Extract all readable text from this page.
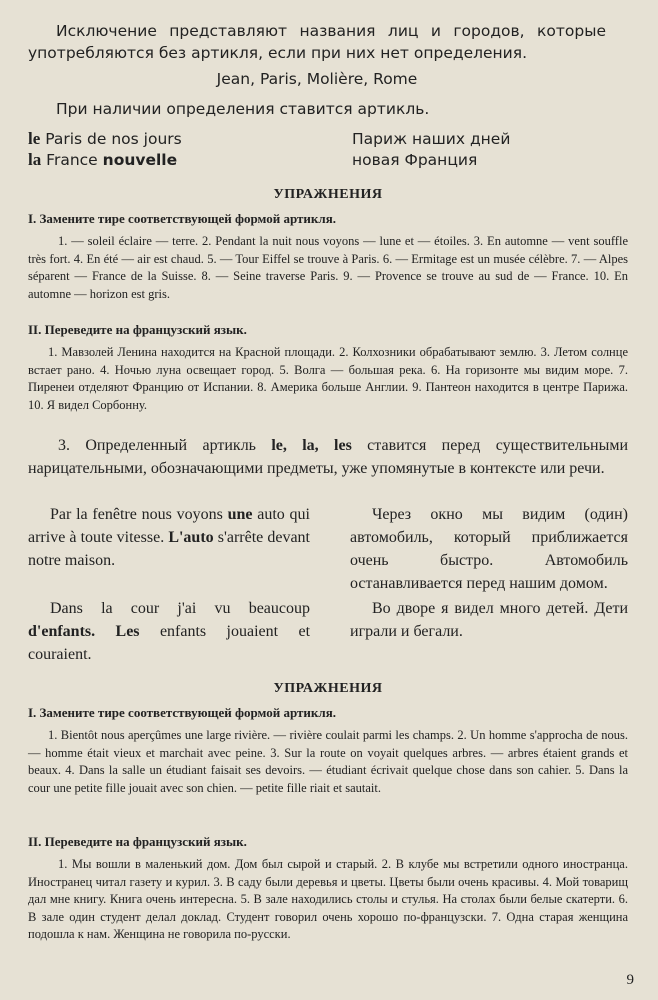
Исключение представляют названия лиц и городов, которые употребляются без артикля, если при них нет определения.

Jean, Paris, Molière, Rome

При наличии определения ставится артикль.

le Paris de nos jours	Париж наших дней
la France nouvelle	новая Франция
УПРАЖНЕНИЯ
I. Замените тире соответствующей формой артикля.

1. — soleil éclaire — terre. 2. Pendant la nuit nous voyons — lune et — étoiles. 3. En automne — vent souffle très fort. 4. En été — air est chaud. 5. — Tour Eiffel se trouve à Paris. 6. — Ermitage est un musée célèbre. 7. — Alpes séparent — France de la Suisse. 8. — Seine traverse Paris. 9. — Provence se trouve au sud de — France. 10. En automne — horizon est gris.

II. Переведите на французский язык.

1. Мавзолей Ленина находится на Красной площади. 2. Колхозники обрабатывают землю. 3. Летом солнце встает рано. 4. Ночью луна освещает город. 5. Волга — большая река. 6. На горизонте мы видим море. 7. Пиренеи отделяют Францию от Испании. 8. Америка больше Англии. 9. Пантеон находится в центре Парижа. 10. Я видел Сорбонну.

3. Определенный артикль le, la, les ставится перед существительными нарицательными, обозначающими предметы, уже упомянутые в контексте или речи.

Par la fenêtre nous voyons une auto qui arrive à toute vitesse. L'auto s'arrête devant notre maison.

Через окно мы видим (один) автомобиль, который приближается очень быстро. Автомобиль останавливается перед нашим домом.

Dans la cour j'ai vu beaucoup d'enfants. Les enfants jouaient et couraient.

Во дворе я видел много детей. Дети играли и бегали.

УПРАЖНЕНИЯ
I. Замените тире соответствующей формой артикля.

1. Bientôt nous aperçûmes une large rivière. — rivière coulait parmi les champs. 2. Un homme s'approcha de nous. — homme était vieux et marchait avec peine. 3. Sur la route on voyait quelques arbres. — arbres étaient grands et beaux. 4. Dans la salle un étudiant faisait ses devoirs. — étudiant écrivait quelque chose dans son cahier. 5. Dans la cour une petite fille jouait avec son chien. — petite fille riait et sautait.

II. Переведите на французский язык.

1. Мы вошли в маленький дом. Дом был сырой и старый. 2. В клубе мы встретили одного иностранца. Иностранец читал газету и курил. 3. В саду были деревья и цветы. Цветы были очень красивы. 4. Мой товарищ дал мне книгу. Книга очень интересна. 5. В зале находились столы и стулья. На столах были белые скатерти. 6. В зале один студент делал доклад. Студент говорил очень хорошо по-французски. 7. Одна старая женщина подошла к нам. Женщина не говорила по-русски.

9
